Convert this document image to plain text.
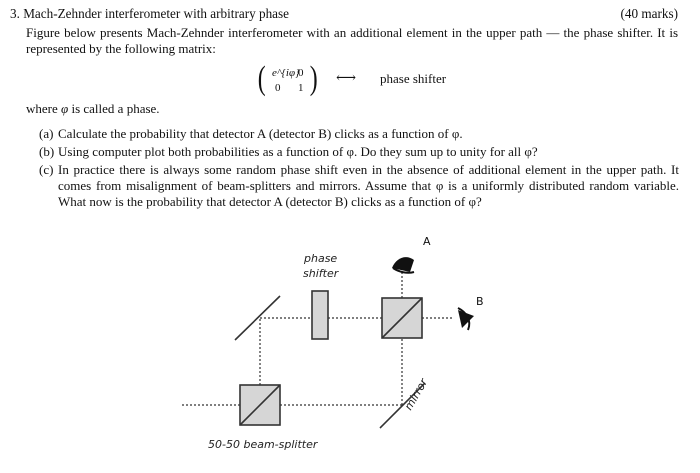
3. Mach-Zehnder interferometer with arbitrary phase	(40 marks)
Figure below presents Mach-Zehnder interferometer with an additional element in the upper path — the phase shifter. It is represented by the following matrix:
( e^{iφ}
0
0 1 ) ⟷ phase shifter
where φ is called a phase.
(a) Calculate the probability that detector A (detector B) clicks as a function of φ.
(b) Using computer plot both probabilities as a function of φ. Do they sum up to unity for all φ?
(c) In practice there is always some random phase shift even in the absence of additional element in the upper path. It comes from misalignment of beam-splitters and mirrors. Assume that φ is a uniformly distributed random variable. What now is the probability that detector A (detector B) clicks as a function of φ?
phase
shifter
A
B
mirror
50-50 beam-splitter
